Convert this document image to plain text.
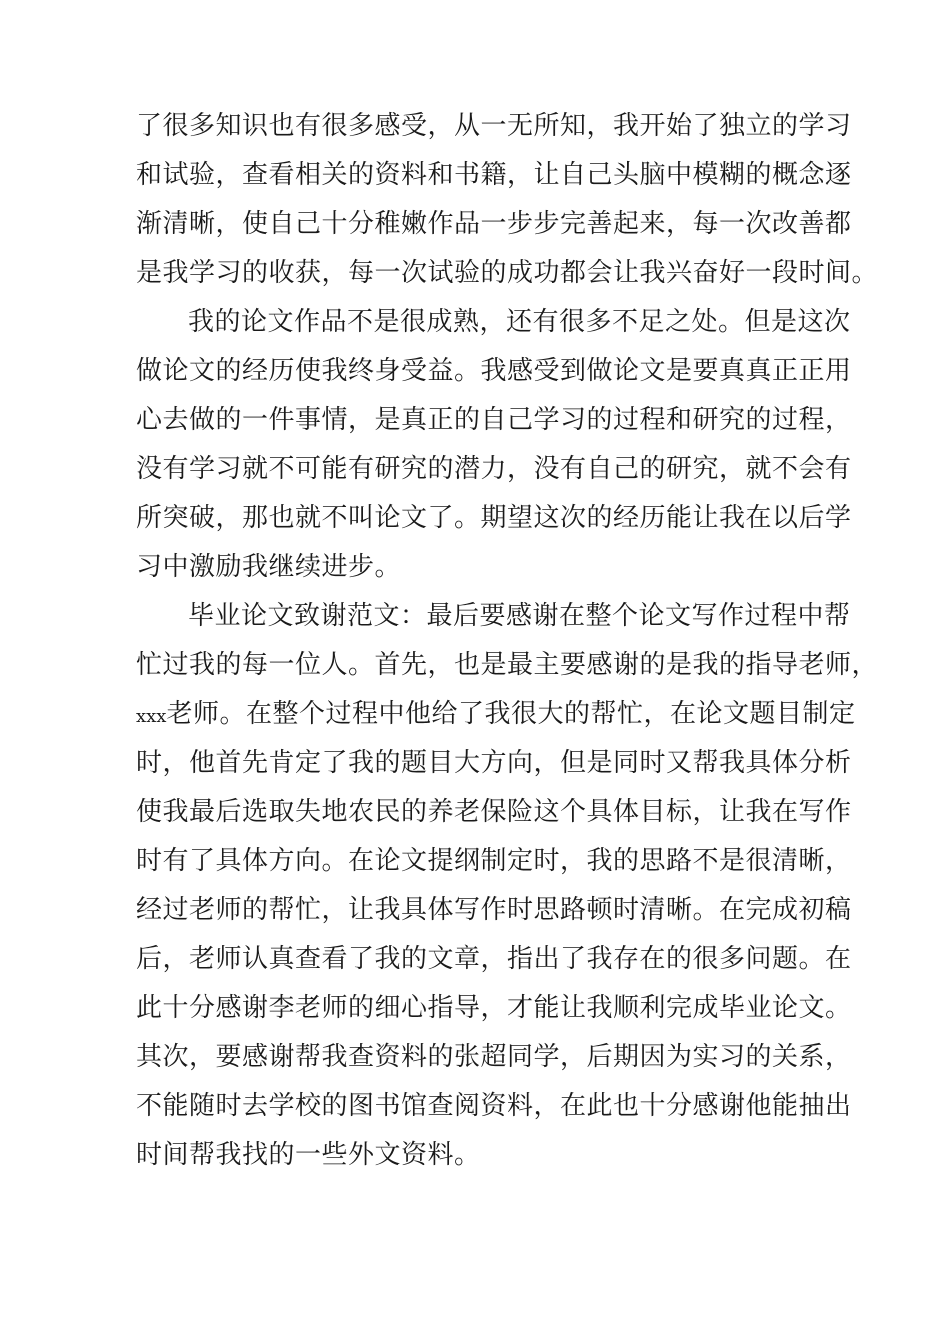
了很多知识也有很多感受，从一无所知，我开始了独立的学习
和试验，查看相关的资料和书籍，让自己头脑中模糊的概念逐
渐清晰，使自己十分稚嫩作品一步步完善起来，每一次改善都
是我学习的收获，每一次试验的成功都会让我兴奋好一段时间。
我的论文作品不是很成熟，还有很多不足之处。但是这次
做论文的经历使我终身受益。我感受到做论文是要真真正正用
心去做的一件事情，是真正的自己学习的过程和研究的过程，
没有学习就不可能有研究的潜力，没有自己的研究，就不会有
所突破，那也就不叫论文了。期望这次的经历能让我在以后学
习中激励我继续进步。
毕业论文致谢范文：最后要感谢在整个论文写作过程中帮
忙过我的每一位人。首先，也是最主要感谢的是我的指导老师，
xxx老师。在整个过程中他给了我很大的帮忙，在论文题目制定
时，他首先肯定了我的题目大方向，但是同时又帮我具体分析
使我最后选取失地农民的养老保险这个具体目标，让我在写作
时有了具体方向。在论文提纲制定时，我的思路不是很清晰，
经过老师的帮忙，让我具体写作时思路顿时清晰。在完成初稿
后，老师认真查看了我的文章，指出了我存在的很多问题。在
此十分感谢李老师的细心指导，才能让我顺利完成毕业论文。
其次，要感谢帮我查资料的张超同学，后期因为实习的关系，
不能随时去学校的图书馆查阅资料，在此也十分感谢他能抽出
时间帮我找的一些外文资料。
